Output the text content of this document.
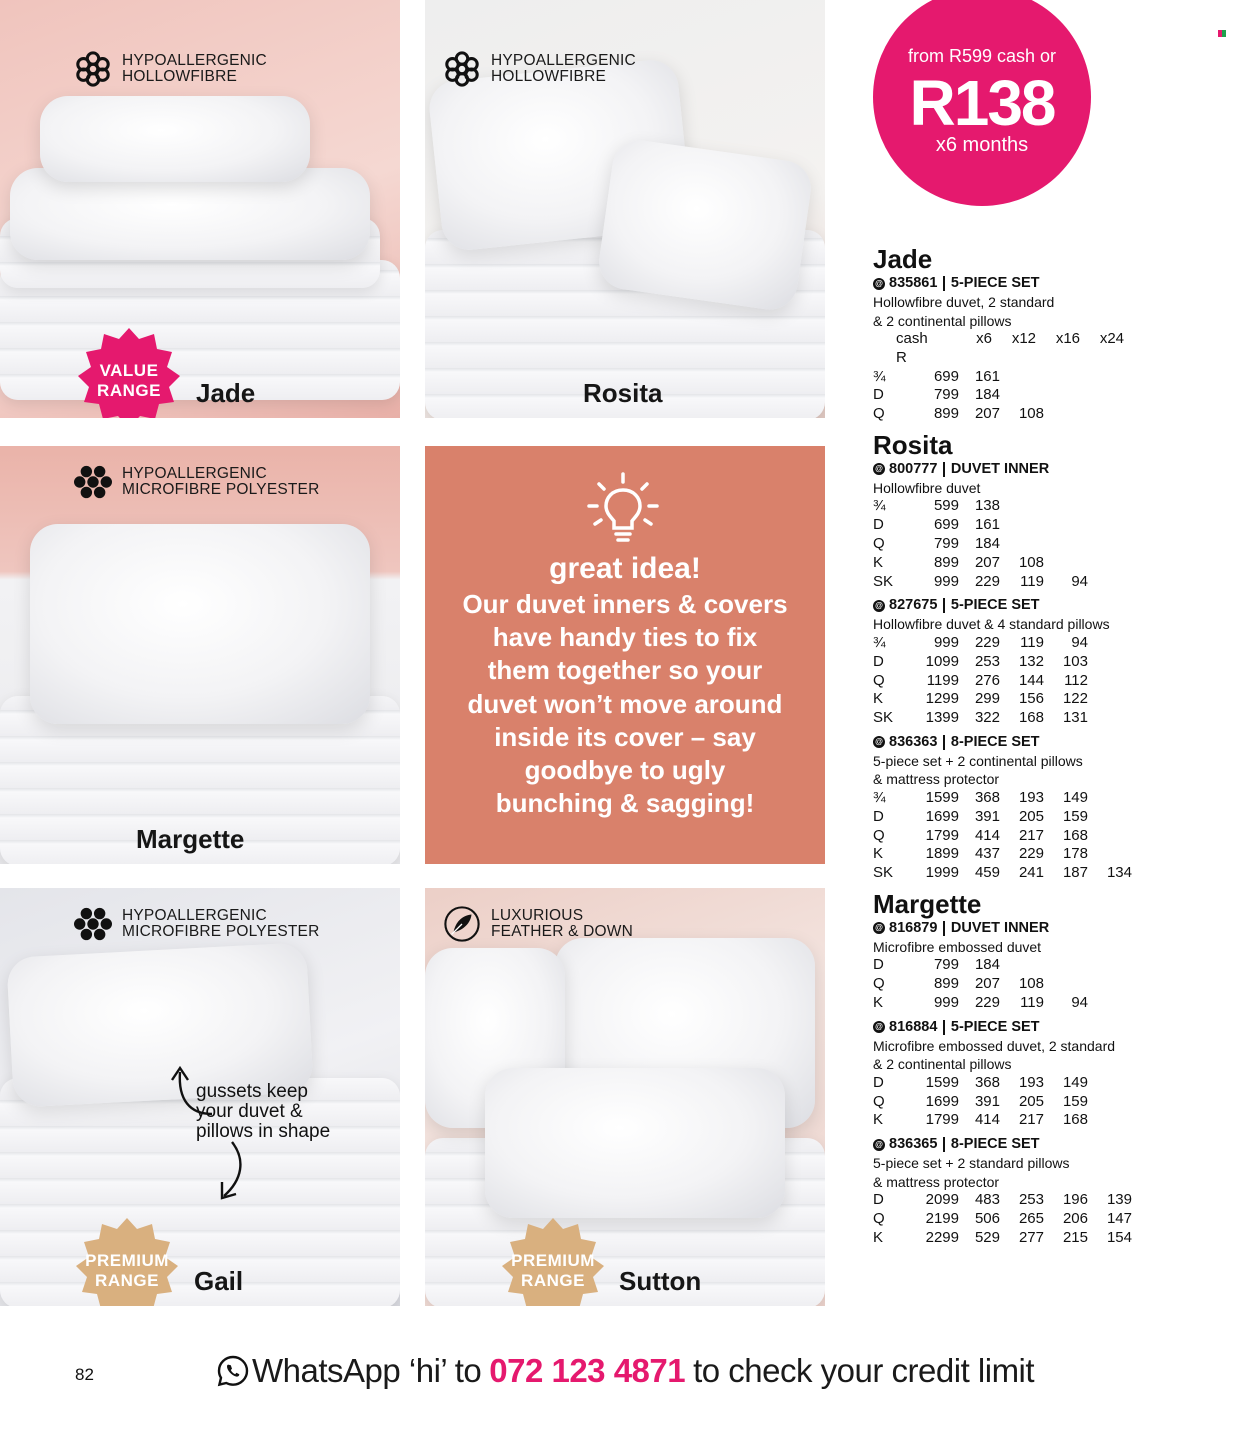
HYPOALLERGENIC
HOLLOWFIBRE
VALUE
RANGE Jade
HYPOALLERGENIC
HOLLOWFIBRE
Rosita
HYPOALLERGENIC
MICROFIBRE POLYESTER
Margette
great idea!
Our duvet inners & covers
have handy ties to fix
them together so your
duvet won’t move around
inside its cover – say
goodbye to ugly
bunching & sagging!
HYPOALLERGENIC
MICROFIBRE POLYESTER
gussets keep
your duvet &
pillows in shape
PREMIUM
RANGE Gail
LUXURIOUS
FEATHER & DOWN
PREMIUM
RANGE Sutton
from R599 cash or
R138
x6 months
Jade
@ 835861 5-PIECE SET
Hollowfibre duvet, 2 standard
& 2 continental pillows
cash R
x6	x12	x16	x24
¾	699	161
D	799	184
Q	899	207	108
Rosita
@ 800777 DUVET INNER
Hollowfibre duvet
¾	599	138
D	699	161
Q	799	184
K	899	207	108
SK	999	229	119	94
@ 827675 5-PIECE SET
Hollowfibre duvet & 4 standard pillows
¾	999	229	119	94
D	1099	253	132	103
Q	1199	276	144	112
K	1299	299	156	122
SK	1399	322	168	131
@ 836363 8-PIECE SET
5-piece set + 2 continental pillows
& mattress protector
¾	1599	368	193	149
D	1699	391	205	159
Q	1799	414	217	168
K	1899	437	229	178
SK	1999	459	241	187	134
Margette
@ 816879 DUVET INNER
Microfibre embossed duvet
D	799	184
Q	899	207	108
K	999	229	119	94
@ 816884 5-PIECE SET
Microfibre embossed duvet, 2 standard
& 2 continental pillows
D	1599	368	193	149
Q	1699	391	205	159
K	1799	414	217	168
@ 836365 8-PIECE SET
5-piece set + 2 standard pillows
& mattress protector
D	2099	483	253	196	139
Q	2199	506	265	206	147
K	2299	529	277	215	154
82	WhatsApp ‘hi’ to 072 123 4871 to check your credit limit
